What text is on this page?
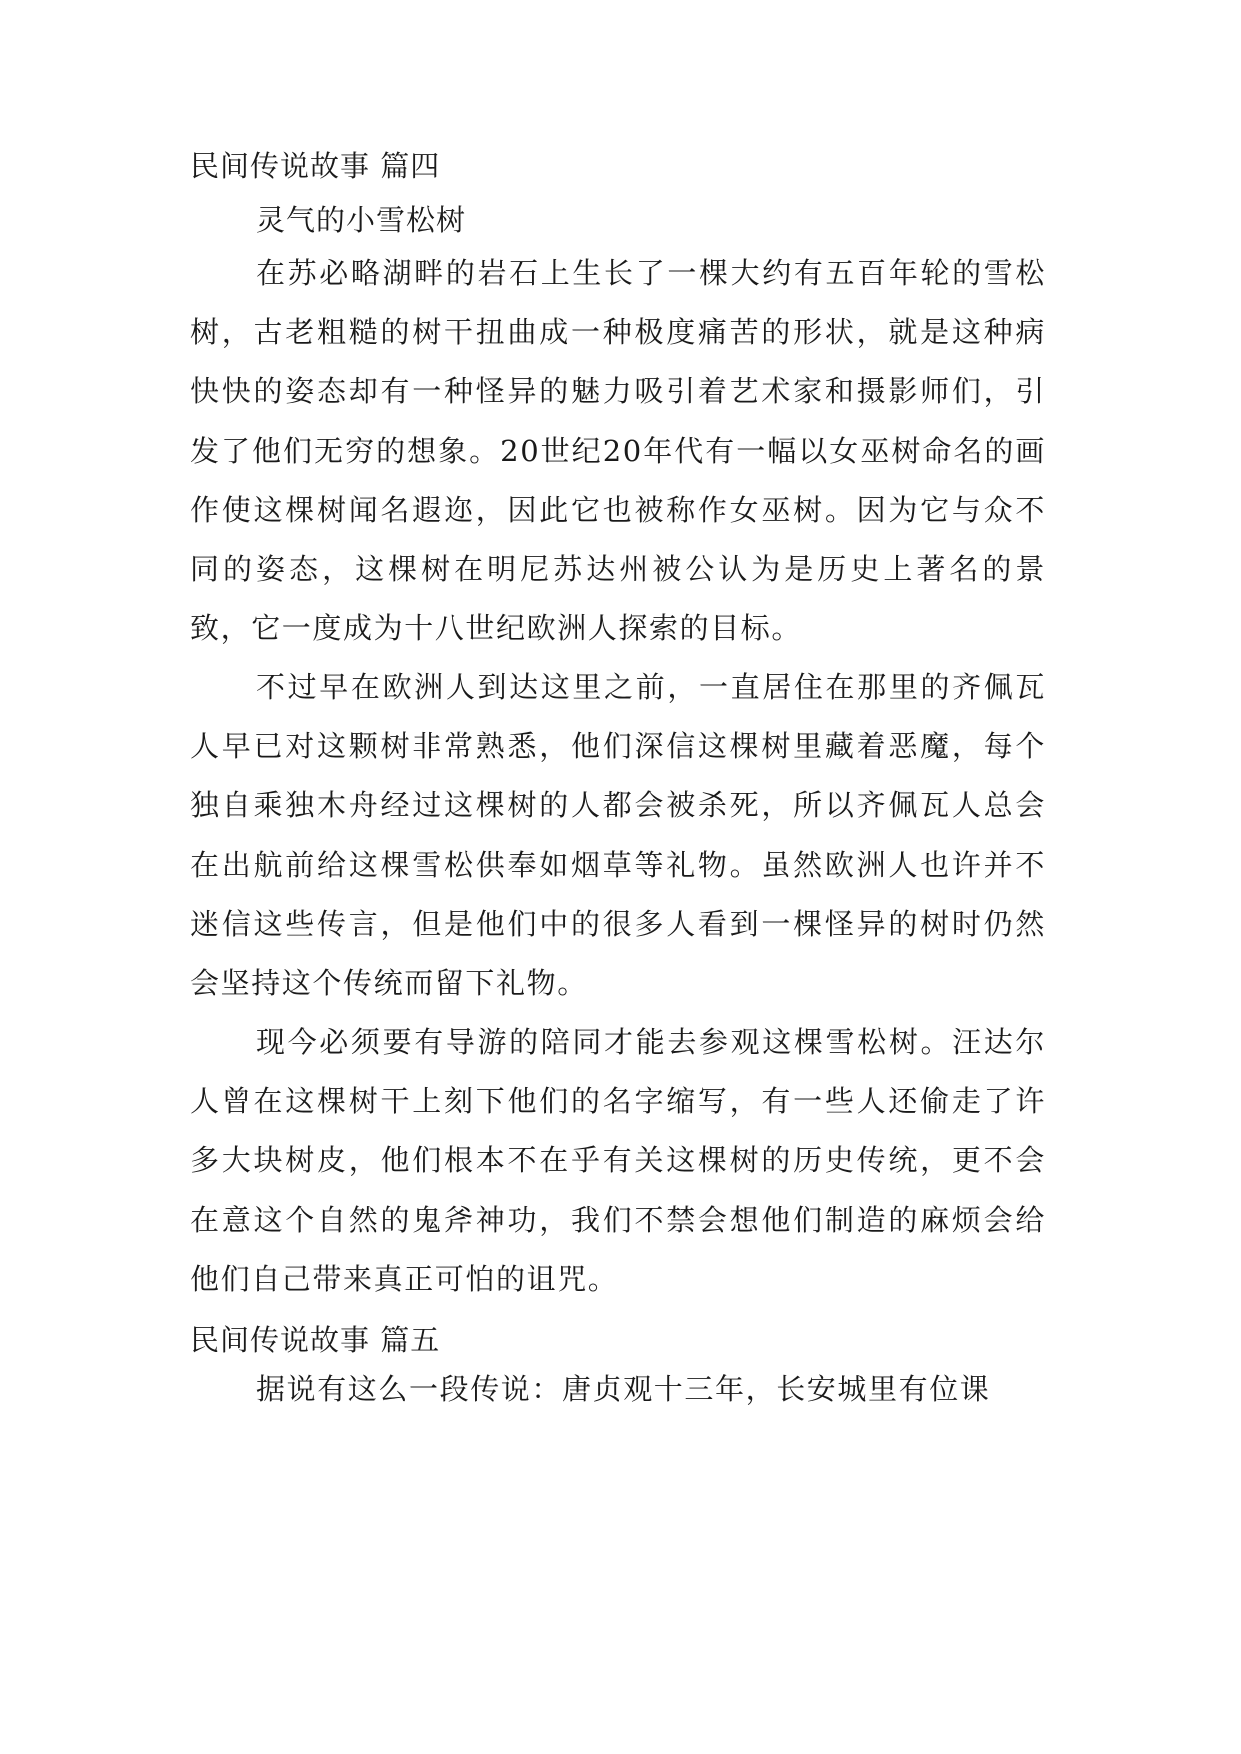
民间传说故事 篇四
灵气的小雪松树

在苏必略湖畔的岩石上生长了一棵大约有五百年轮的雪松树，古老粗糙的树干扭曲成一种极度痛苦的形状，就是这种病快快的姿态却有一种怪异的魅力吸引着艺术家和摄影师们，引发了他们无穷的想象。20世纪20年代有一幅以女巫树命名的画作使这棵树闻名遐迩，因此它也被称作女巫树。因为它与众不同的姿态，这棵树在明尼苏达州被公认为是历史上著名的景致，它一度成为十八世纪欧洲人探索的目标。

不过早在欧洲人到达这里之前，一直居住在那里的齐佩瓦人早已对这颗树非常熟悉，他们深信这棵树里藏着恶魔，每个独自乘独木舟经过这棵树的人都会被杀死，所以齐佩瓦人总会在出航前给这棵雪松供奉如烟草等礼物。虽然欧洲人也许并不迷信这些传言，但是他们中的很多人看到一棵怪异的树时仍然会坚持这个传统而留下礼物。

现今必须要有导游的陪同才能去参观这棵雪松树。汪达尔人曾在这棵树干上刻下他们的名字缩写，有一些人还偷走了许多大块树皮，他们根本不在乎有关这棵树的历史传统，更不会在意这个自然的鬼斧神功，我们不禁会想他们制造的麻烦会给他们自己带来真正可怕的诅咒。

民间传说故事 篇五

据说有这么一段传说：唐贞观十三年，长安城里有位课
